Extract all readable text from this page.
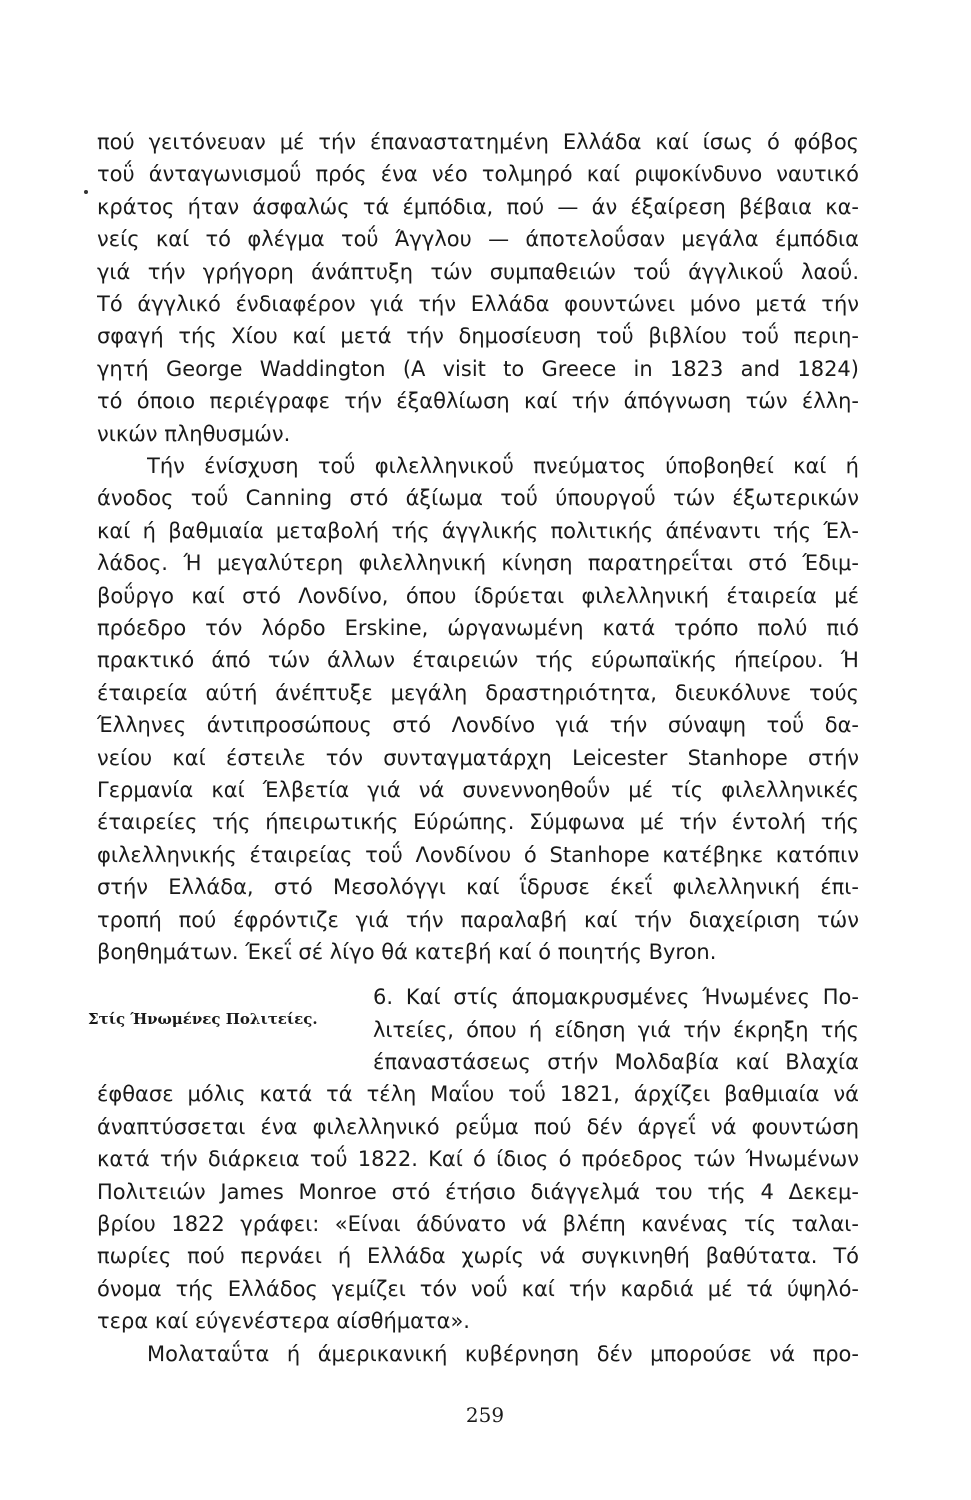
πού γειτόνευαν μέ τήν έπαναστατημένη Ελλάδα καί ίσως ό φόβος
τοΰ άνταγωνισμοΰ πρός ένα νέο τολμηρό καί ριψοκίνδυνο ναυτικό
κράτος ήταν άσφαλώς τά έμπόδια, πού — άν έξαίρεση βέβαια κα-
νείς καί τό φλέγμα τοΰ Άγγλου — άποτελοΰσαν μεγάλα έμπόδια
γιά τήν γρήγορη άνάπτυξη τών συμπαθειών τοΰ άγγλικοΰ λαοΰ.
Τό άγγλικό ένδιαφέρον γιά τήν Ελλάδα φουντώνει μόνο μετά τήν
σφαγή τής Χίου καί μετά τήν δημοσίευση τοΰ βιβλίου τοΰ περιη-
γητή George Waddington (A visit to Greece in 1823 and 1824)
τό όποιο περιέγραφε τήν έξαθλίωση καί τήν άπόγνωση τών έλλη-
νικών πληθυσμών.
Τήν ένίσχυση τοΰ φιλελληνικοΰ πνεύματος ύποβοηθεί καί ή
άνοδος τοΰ Canning στό άξίωμα τοΰ ύπουργοΰ τών έξωτερικών
καί ή βαθμιαία μεταβολή τής άγγλικής πολιτικής άπέναντι τής Έλ-
λάδος. Ή μεγαλύτερη φιλελληνική κίνηση παρατηρεΐται στό Έδιμ-
βοΰργο καί στό Λονδίνο, όπου ίδρύεται φιλελληνική έταιρεία μέ
πρόεδρο τόν λόρδο Erskine, ώργανωμένη κατά τρόπο πολύ πιό
πρακτικό άπό τών άλλων έταιρειών τής εύρωπαϊκής ήπείρου. Ή
έταιρεία αύτή άνέπτυξε μεγάλη δραστηριότητα, διευκόλυνε τούς
Έλληνες άντιπροσώπους στό Λονδίνο γιά τήν σύναψη τοΰ δα-
νείου καί έστειλε τόν συνταγματάρχη Leicester Stanhope στήν
Γερμανία καί Έλβετία γιά νά συνεννοηθοΰν μέ τίς φιλελληνικές
έταιρείες τής ήπειρωτικής Εύρώπης. Σύμφωνα μέ τήν έντολή τής
φιλελληνικής έταιρείας τοΰ Λονδίνου ό Stanhope κατέβηκε κατόπιν
στήν Ελλάδα, στό Μεσολόγγι καί ΐδρυσε έκεΐ φιλελληνική έπι-
τροπή πού έφρόντιζε γιά τήν παραλαβή καί τήν διαχείριση τών
βοηθημάτων. Έκεΐ σέ λίγο θά κατεβή καί ό ποιητής Byron.
6. Καί στίς άπομακρυσμένες Ήνωμένες Πο-
λιτείες, όπου ή είδηση γιά τήν έκρηξη τής
έπαναστάσεως στήν Μολδαβία καί Βλαχία
έφθασε μόλις κατά τά τέλη Μαΐου τοΰ 1821, άρχίζει βαθμιαία νά
άναπτύσσεται ένα φιλελληνικό ρεΰμα πού δέν άργεΐ νά φουντώση
κατά τήν διάρκεια τοΰ 1822. Καί ό ίδιος ό πρόεδρος τών Ήνωμένων
Πολιτειών James Monroe στό έτήσιο διάγγελμά του τής 4 Δεκεμ-
βρίου 1822 γράφει: «Είναι άδύνατο νά βλέπη κανένας τίς ταλαι-
πωρίες πού περνάει ή Ελλάδα χωρίς νά συγκινηθή βαθύτατα. Τό
όνομα τής Ελλάδος γεμίζει τόν νοΰ καί τήν καρδιά μέ τά ύψηλό-
τερα καί εύγενέστερα αίσθήματα».
Μολαταΰτα ή άμερικανική κυβέρνηση δέν μπορούσε νά προ-
Στίς Ήνωμένες Πολιτείες.
259
